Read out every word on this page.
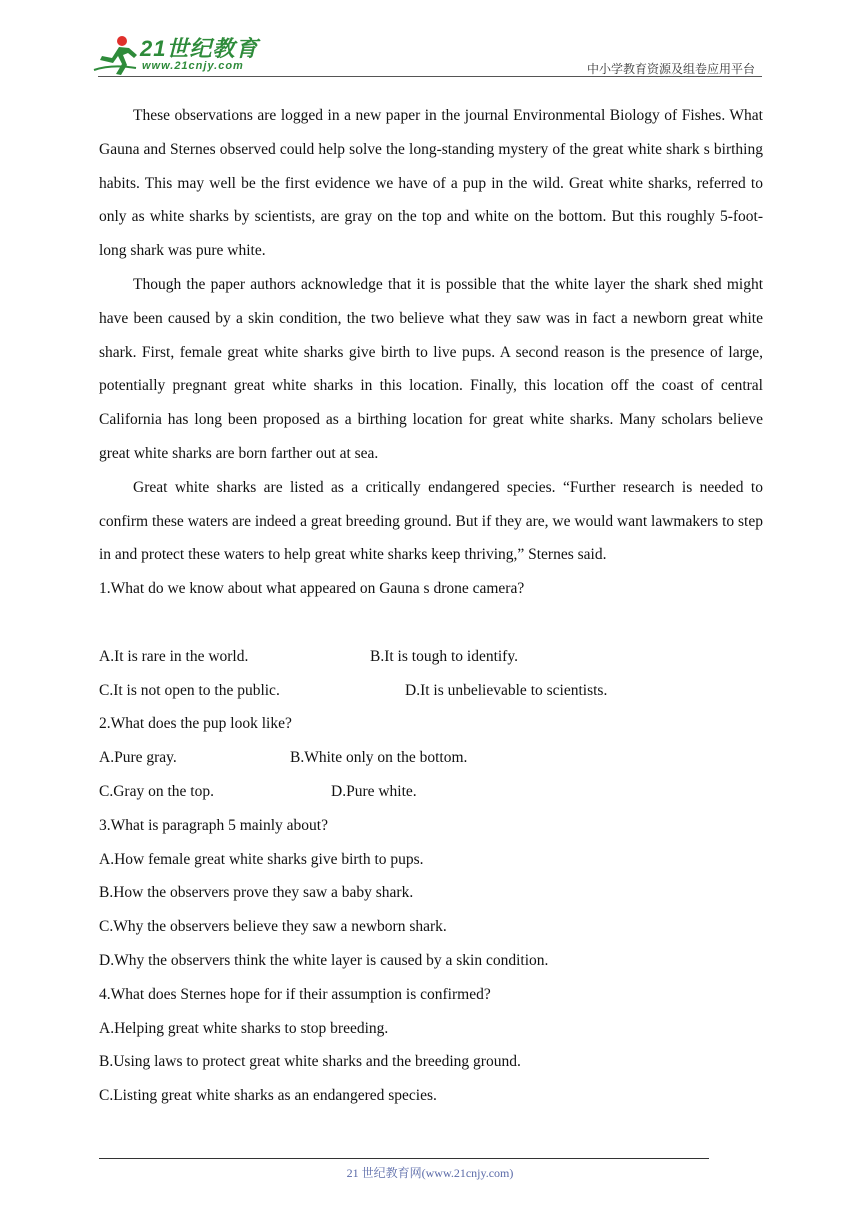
21世纪教育
www.21cnjy.com	中小学教育资源及组卷应用平台

These observations are logged in a new paper in the journal Environmental Biology of Fishes. What Gauna and Sternes observed could help solve the long-standing mystery of the great white shark s birthing habits. This may well be the first evidence we have of a pup in the wild. Great white sharks, referred to only as white sharks by scientists, are gray on the top and white on the bottom. But this roughly 5-foot-long shark was pure white.

Though the paper authors acknowledge that it is possible that the white layer the shark shed might have been caused by a skin condition, the two believe what they saw was in fact a newborn great white shark. First, female great white sharks give birth to live pups. A second reason is the presence of large, potentially pregnant great white sharks in this location. Finally, this location off the coast of central California has long been proposed as a birthing location for great white sharks. Many scholars believe great white sharks are born farther out at sea.

Great white sharks are listed as a critically endangered species. “Further research is needed to confirm these waters are indeed a great breeding ground. But if they are, we would want lawmakers to step in and protect these waters to help great white sharks keep thriving,” Sternes said.

1.What do we know about what appeared on Gauna s drone camera?

A.It is rare in the world.	B.It is tough to identify.
C.It is not open to the public.	D.It is unbelievable to scientists.

2.What does the pup look like?

A.Pure gray.	B.White only on the bottom.
C.Gray on the top.	D.Pure white.

3.What is paragraph 5 mainly about?

A.How female great white sharks give birth to pups.

B.How the observers prove they saw a baby shark.

C.Why the observers believe they saw a newborn shark.

D.Why the observers think the white layer is caused by a skin condition.

4.What does Sternes hope for if their assumption is confirmed?

A.Helping great white sharks to stop breeding.

B.Using laws to protect great white sharks and the breeding ground.

C.Listing great white sharks as an endangered species.

21 世纪教育网(www.21cnjy.com)
